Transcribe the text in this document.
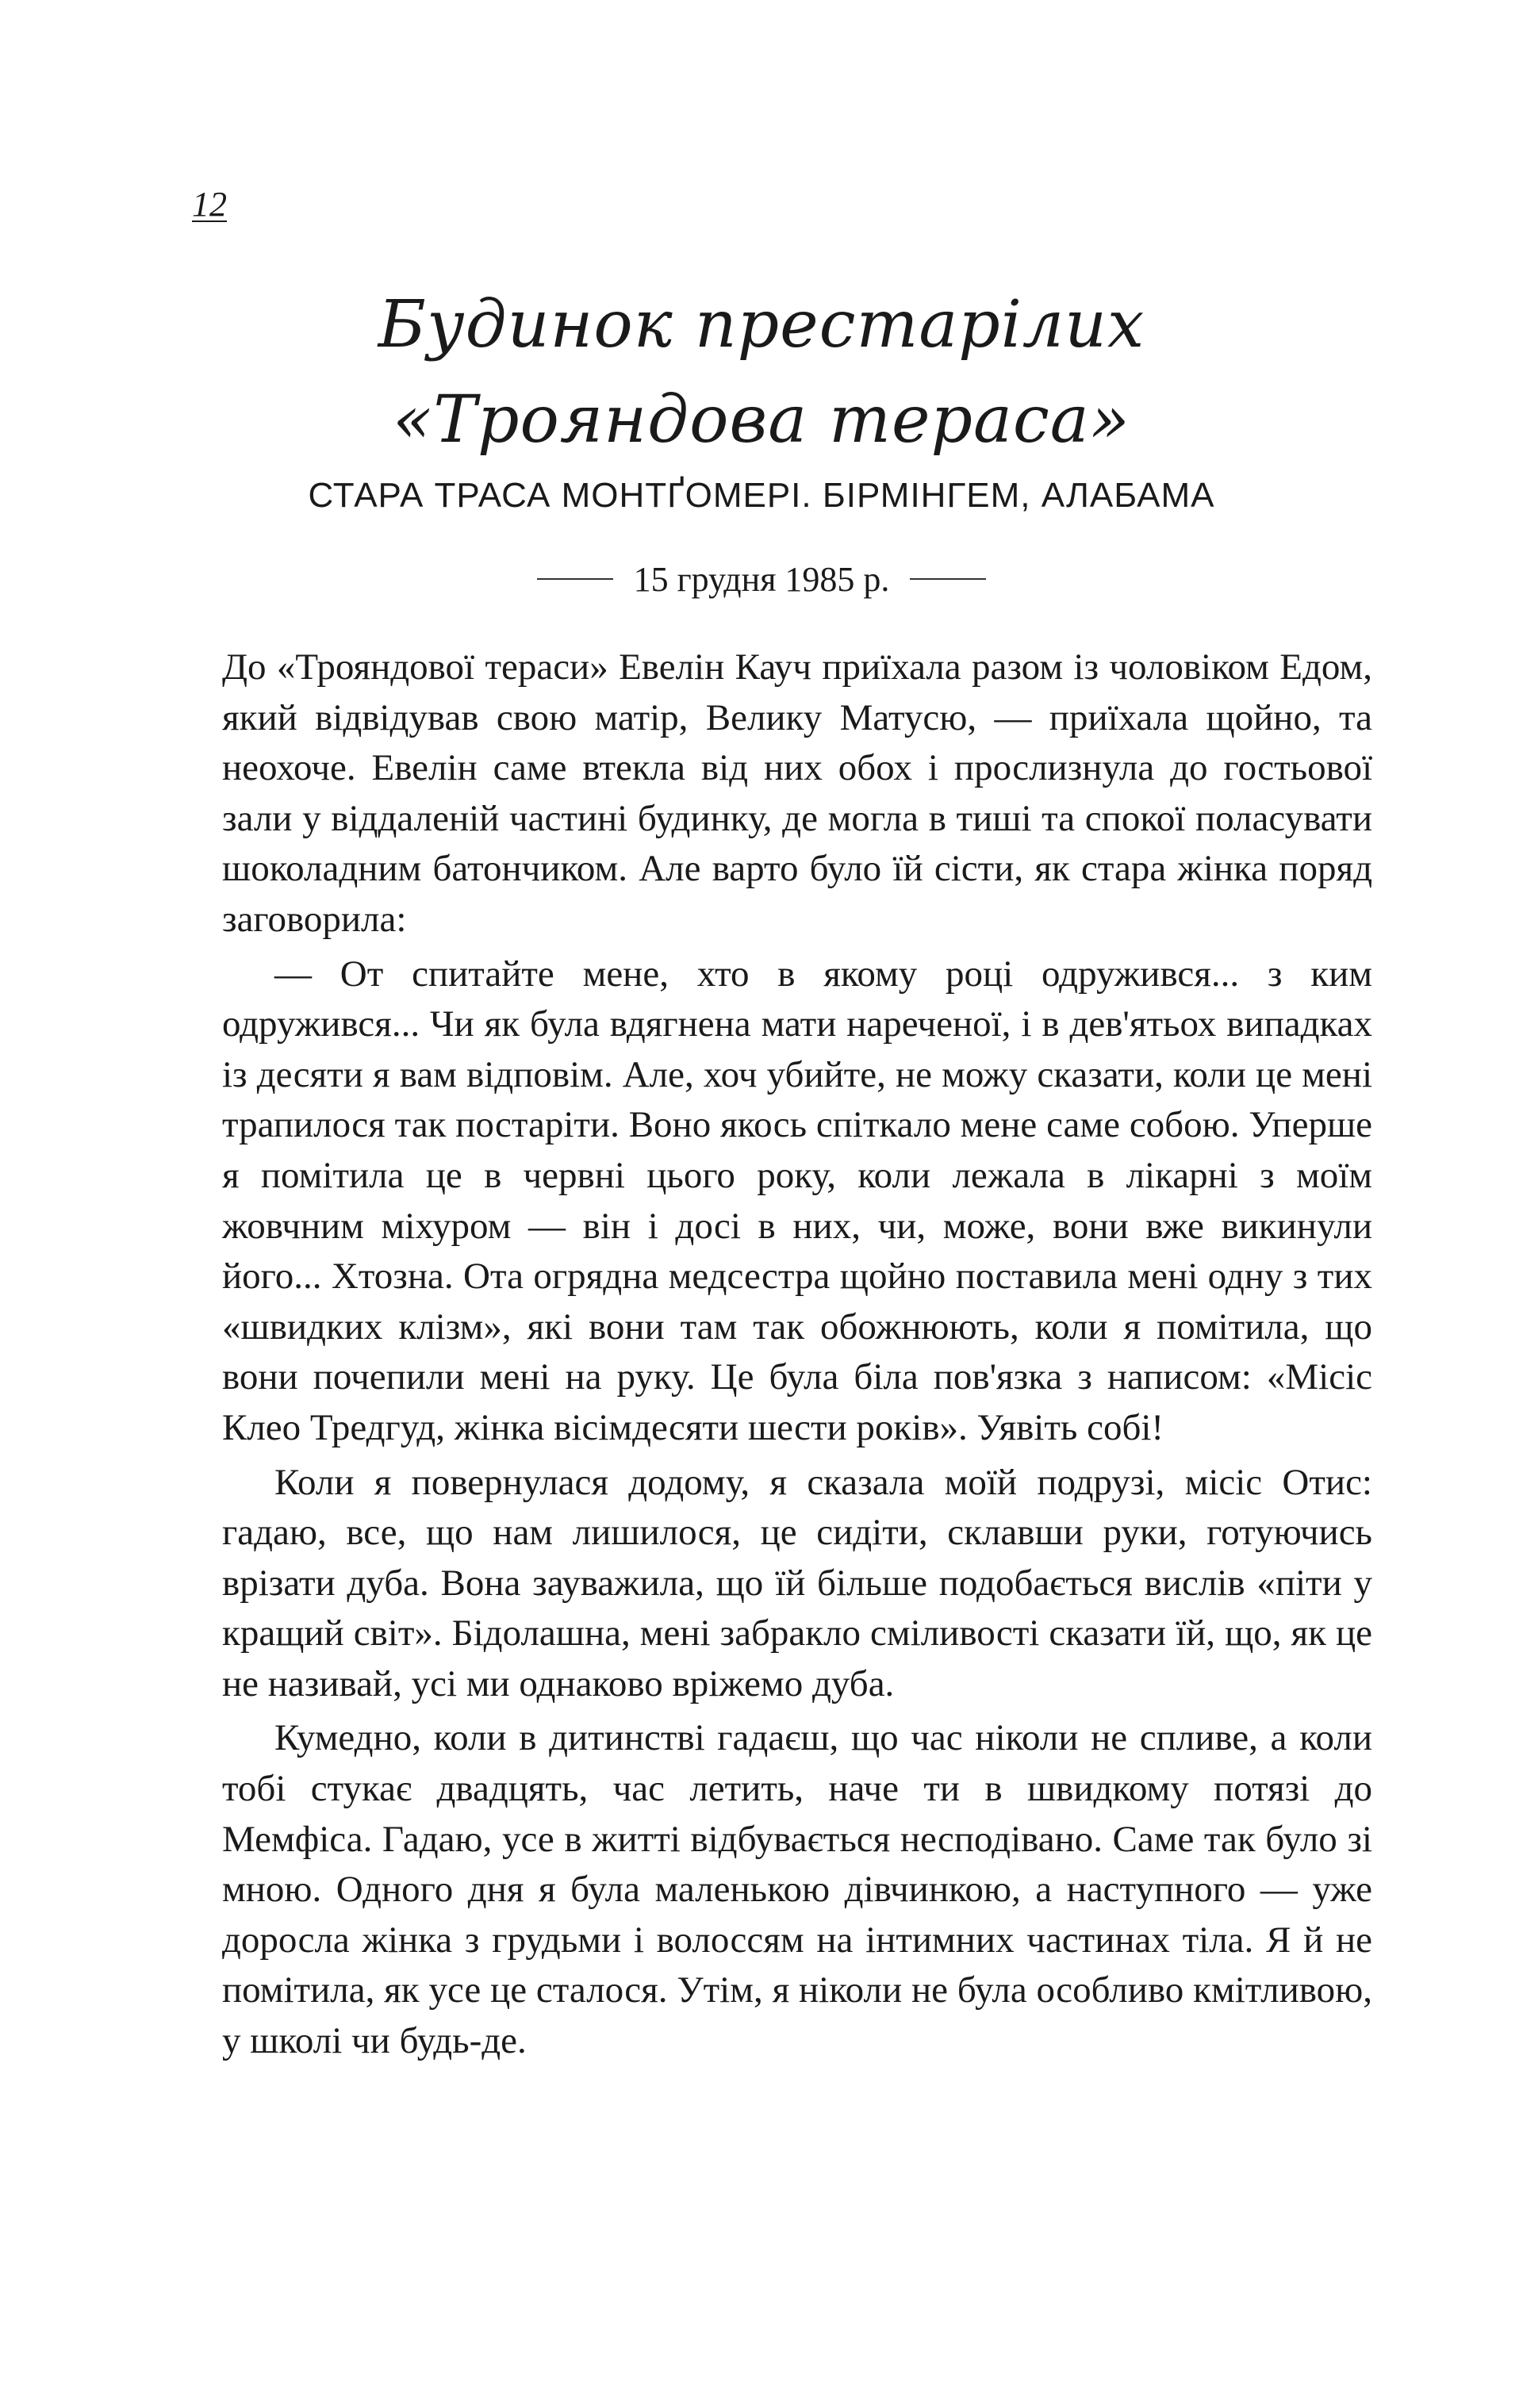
12
Будинок престарілих
«Трояндова тераса»
СТАРА ТРАСА МОНТҐОМЕРІ. БІРМІНГЕМ, АЛАБАМА
15 грудня 1985 р.

До «Трояндової тераси» Евелін Кауч приїхала разом із чоловіком Едом, який відвідував свою матір, Велику Матусю, — приїхала щойно, та неохоче. Евелін саме втекла від них обох і прослизнула до гостьової зали у віддаленій частині будинку, де могла в тиші та спокої поласувати шоколадним батончиком. Але варто було їй сісти, як стара жінка поряд заговорила:

— От спитайте мене, хто в якому році одружився... з ким одружився... Чи як була вдягнена мати нареченої, і в дев'ятьох випадках із десяти я вам відповім. Але, хоч убийте, не можу сказати, коли це мені трапилося так постаріти. Воно якось спіткало мене саме собою. Уперше я помітила це в червні цього року, коли лежала в лікарні з моїм жовчним міхуром — він і досі в них, чи, може, вони вже викинули його... Хтозна. Ота огрядна медсестра щойно поставила мені одну з тих «швидких клізм», які вони там так обожнюють, коли я помітила, що вони почепили мені на руку. Це була біла пов'язка з написом: «Місіс Клео Тредгуд, жінка вісімдесяти шести років». Уявіть собі!

Коли я повернулася додому, я сказала моїй подрузі, місіс Отис: гадаю, все, що нам лишилося, це сидіти, склавши руки, готуючись врізати дуба. Вона зауважила, що їй більше подобається вислів «піти у кращий світ». Бідолашна, мені забракло сміливості сказати їй, що, як це не називай, усі ми однаково вріжемо дуба.

Кумедно, коли в дитинстві гадаєш, що час ніколи не спливе, а коли тобі стукає двадцять, час летить, наче ти в швидкому потязі до Мемфіса. Гадаю, усе в житті відбувається несподівано. Саме так було зі мною. Одного дня я була маленькою дівчинкою, а наступного — уже доросла жінка з грудьми і волоссям на інтимних частинах тіла. Я й не помітила, як усе це сталося. Утім, я ніколи не була особливо кмітливою, у школі чи будь-де.
